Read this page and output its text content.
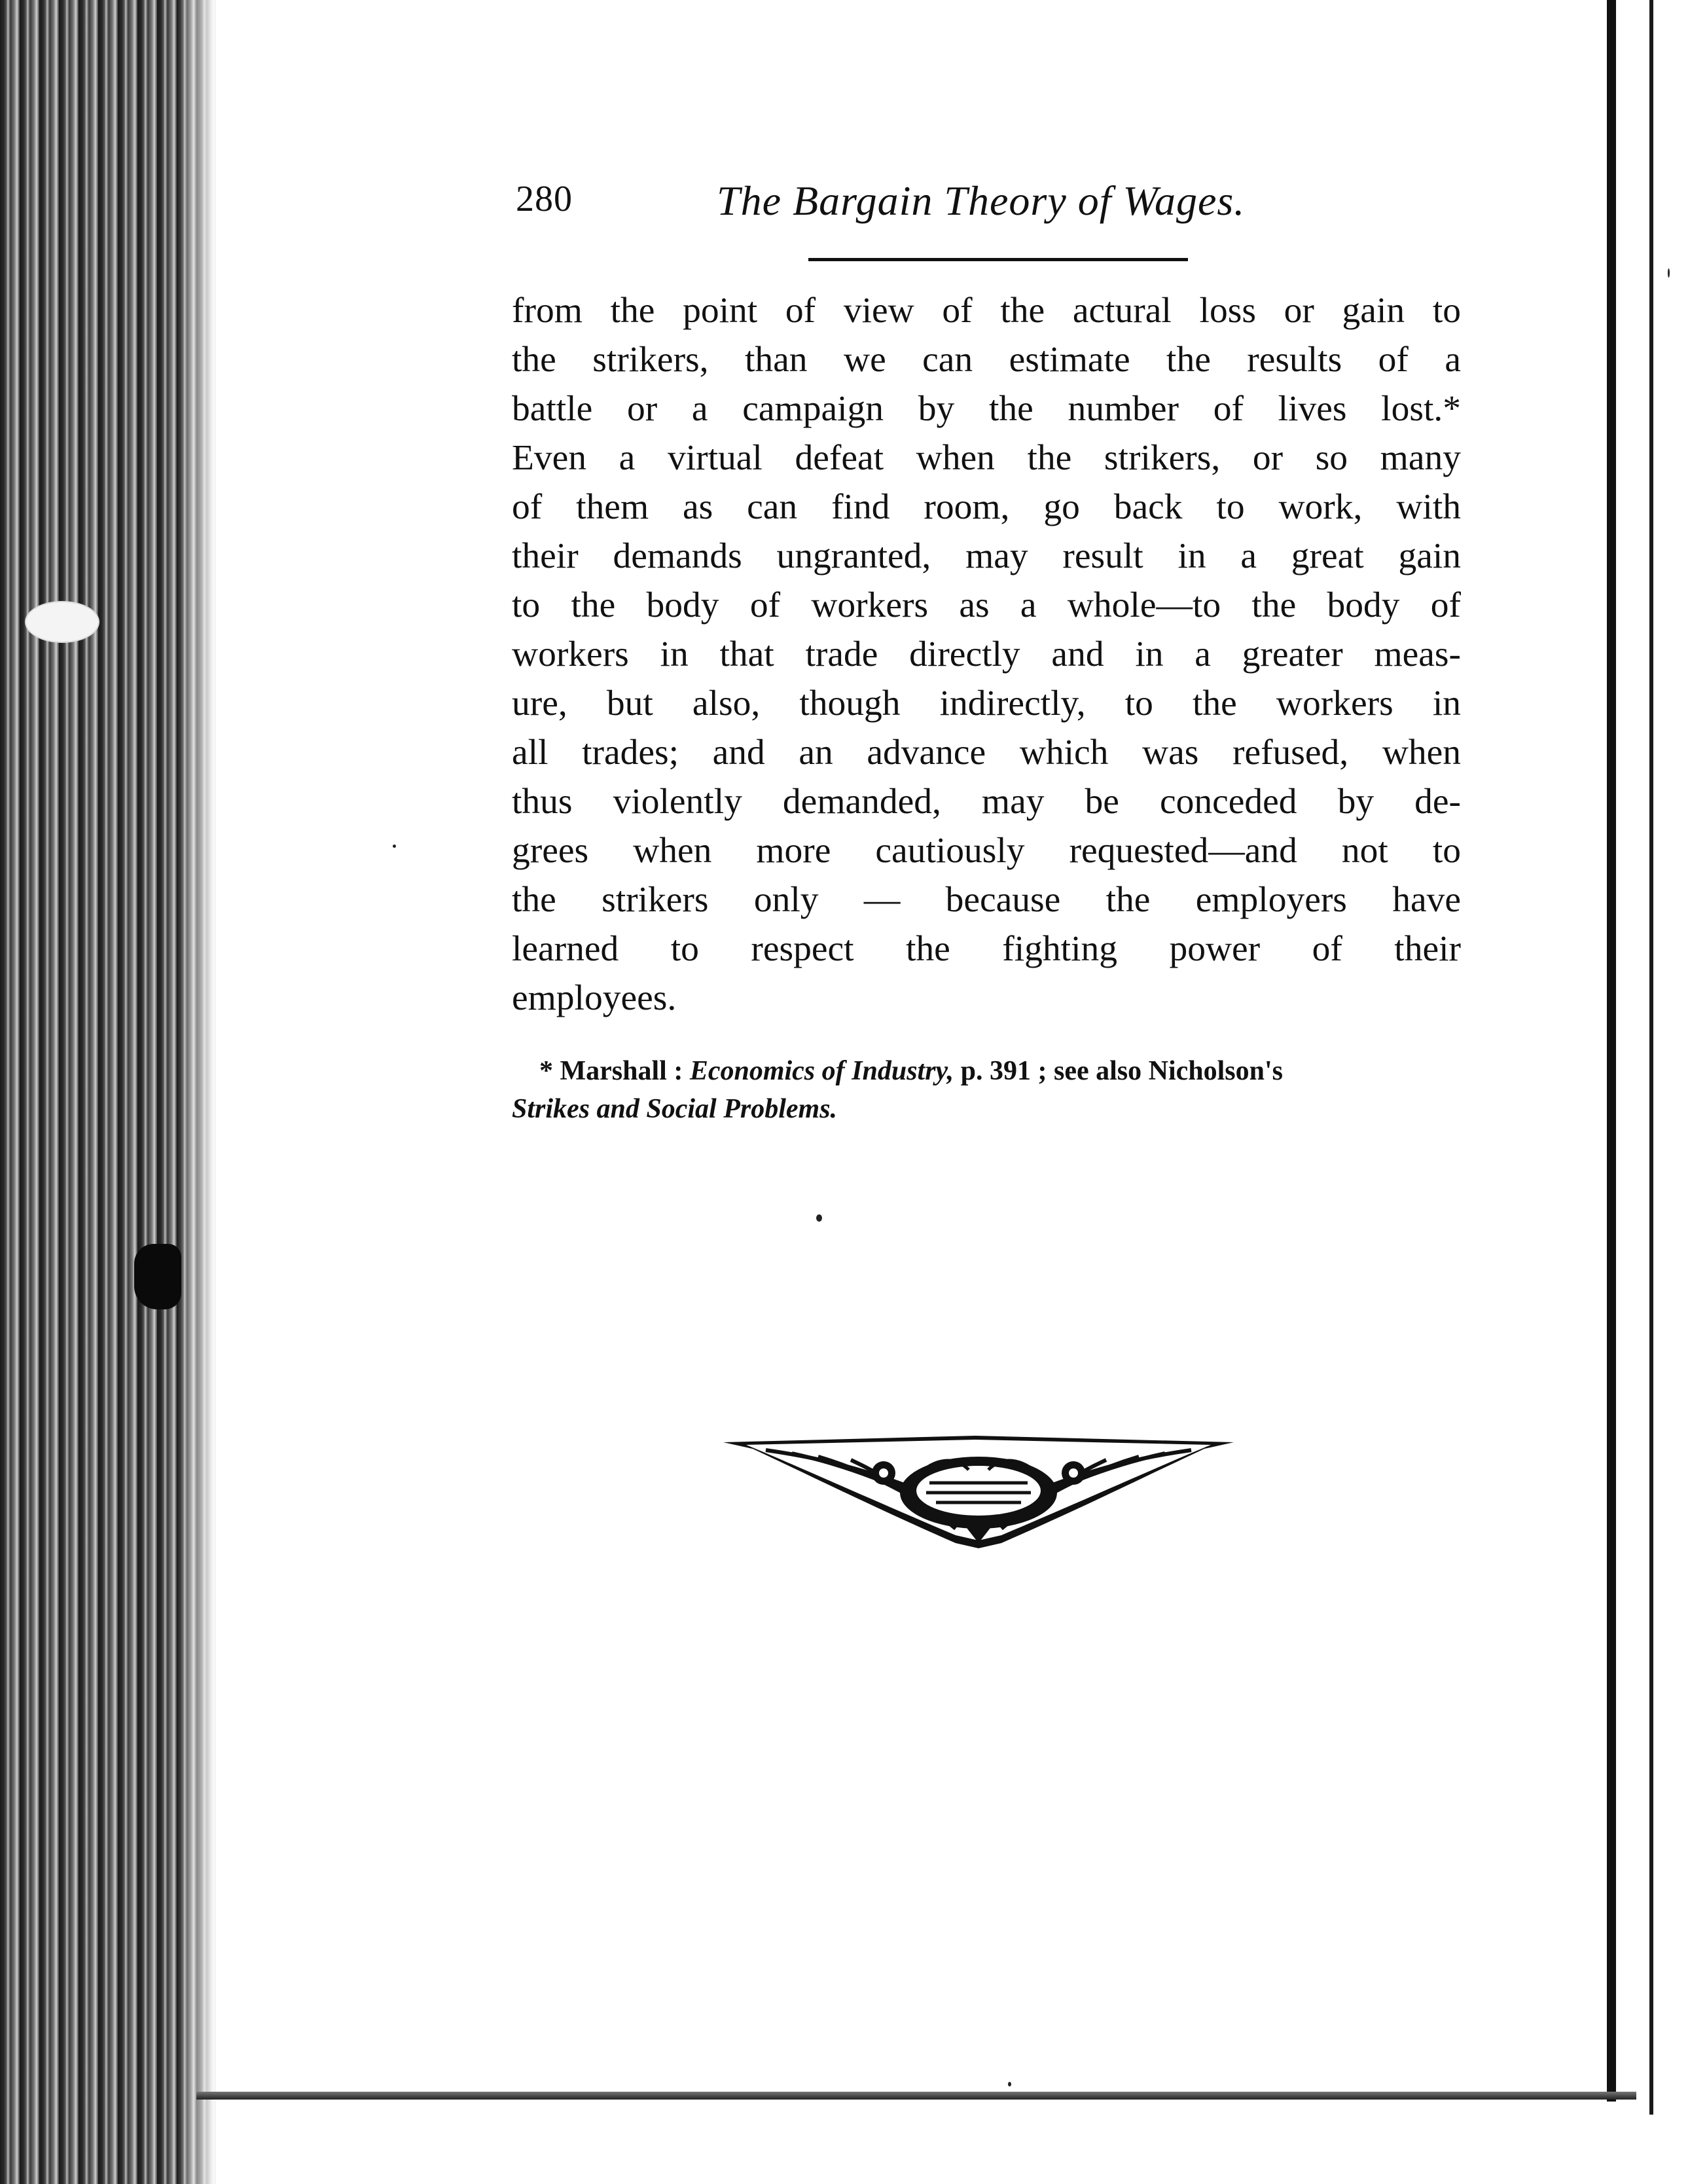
280	The Bargain Theory of Wages.
from the point of view of the actural loss or gain to
the strikers, than we can estimate the results of a
battle or a campaign by the number of lives lost.*
Even a virtual defeat when the strikers, or so many
of them as can find room, go back to work, with
their demands ungranted, may result in a great gain
to the body of workers as a whole—to the body of
workers in that trade directly and in a greater meas-
ure, but also, though indirectly, to the workers in
all trades; and an advance which was refused, when
thus violently demanded, may be conceded by de-
grees when more cautiously requested—and not to
the strikers only — because the employers have
learned to respect the fighting power of their
employees.
* Marshall : Economics of Industry, p. 391 ; see also Nicholson's
Strikes and Social Problems.
